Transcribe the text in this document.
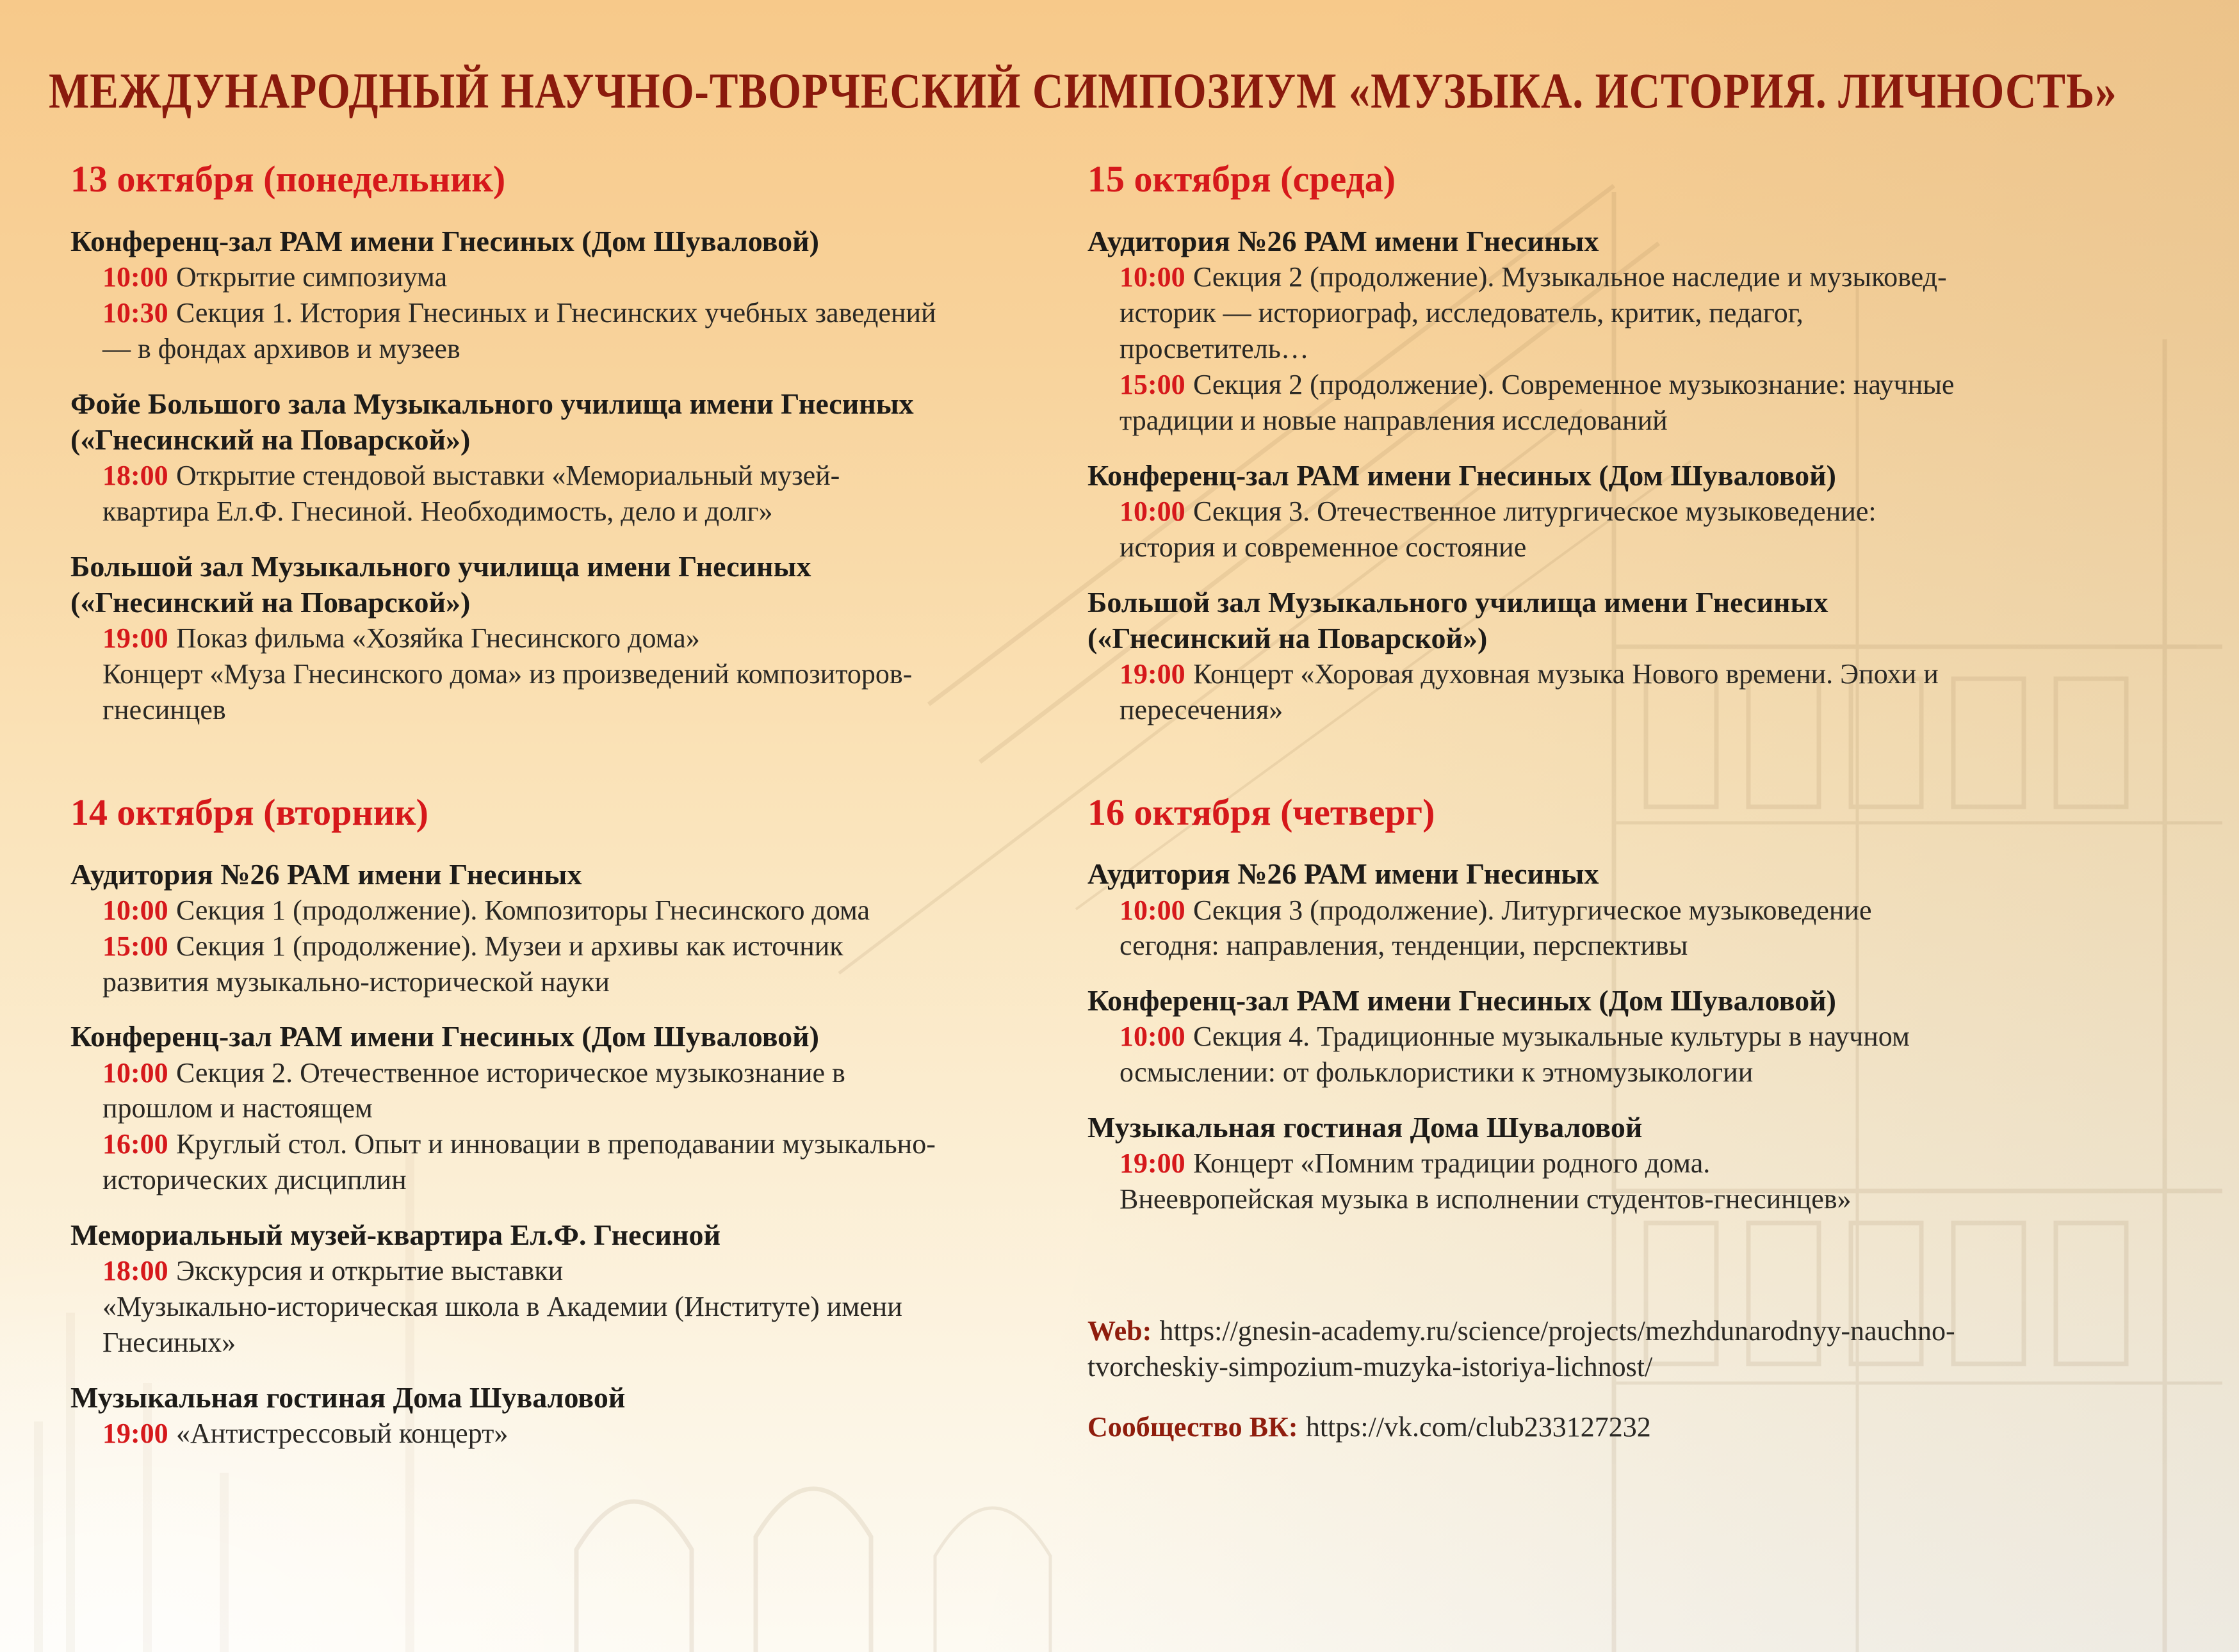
МЕЖДУНАРОДНЫЙ НАУЧНО-ТВОРЧЕСКИЙ СИМПОЗИУМ «МУЗЫКА. ИСТОРИЯ. ЛИЧНОСТЬ»
13 октября (понедельник)
Конференц-зал РАМ имени Гнесиных (Дом Шуваловой)

10:00 Открытие симпозиума

10:30 Секция 1. История Гнесиных и Гнесинских учебных заведений — в фондах архивов и музеев

Фойе Большого зала Музыкального училища имени Гнесиных («Гнесинский на Поварской»)

18:00 Открытие стендовой выставки «Мемориальный музей-квартира Ел.Ф. Гнесиной. Необходимость, дело и долг»

Большой зал Музыкального училища имени Гнесиных («Гнесинский на Поварской»)

19:00 Показ фильма «Хозяйка Гнесинского дома»

Концерт «Муза Гнесинского дома» из произведений композиторов-гнесинцев

14 октября (вторник)
Аудитория №26 РАМ имени Гнесиных

10:00 Секция 1 (продолжение). Композиторы Гнесинского дома

15:00 Секция 1 (продолжение). Музеи и архивы как источник развития музыкально-исторической науки

Конференц-зал РАМ имени Гнесиных (Дом Шуваловой)

10:00 Секция 2. Отечественное историческое музыкознание в прошлом и настоящем

16:00 Круглый стол. Опыт и инновации в преподавании музыкально-исторических дисциплин

Мемориальный музей-квартира Ел.Ф. Гнесиной

18:00 Экскурсия и открытие выставки

«Музыкально-историческая школа в Академии (Институте) имени Гнесиных»

Музыкальная гостиная Дома Шуваловой

19:00 «Антистрессовый концерт»

15 октября (среда)
Аудитория №26 РАМ имени Гнесиных

10:00 Секция 2 (продолжение). Музыкальное наследие и музыковед-историк — историограф, исследователь, критик, педагог, просветитель…

15:00 Секция 2 (продолжение). Современное музыкознание: научные традиции и новые направления исследований

Конференц-зал РАМ имени Гнесиных (Дом Шуваловой)

10:00 Секция 3. Отечественное литургическое музыковедение: история и современное состояние

Большой зал Музыкального училища имени Гнесиных («Гнесинский на Поварской»)

19:00 Концерт «Хоровая духовная музыка Нового времени. Эпохи и пересечения»

16 октября (четверг)
Аудитория №26 РАМ имени Гнесиных

10:00 Секция 3 (продолжение). Литургическое музыковедение сегодня: направления, тенденции, перспективы

Конференц-зал РАМ имени Гнесиных (Дом Шуваловой)

10:00 Секция 4. Традиционные музыкальные культуры в научном осмыслении: от фольклористики к этномузыкологии

Музыкальная гостиная Дома Шуваловой

19:00 Концерт «Помним традиции родного дома.

Внеевропейская музыка в исполнении студентов-гнесинцев»

Web: https://gnesin-academy.ru/science/projects/mezhdunarodnyy-nauchno-tvorcheskiy-simpozium-muzyka-istoriya-lichnost/

Сообщество ВК: https://vk.com/club233127232
